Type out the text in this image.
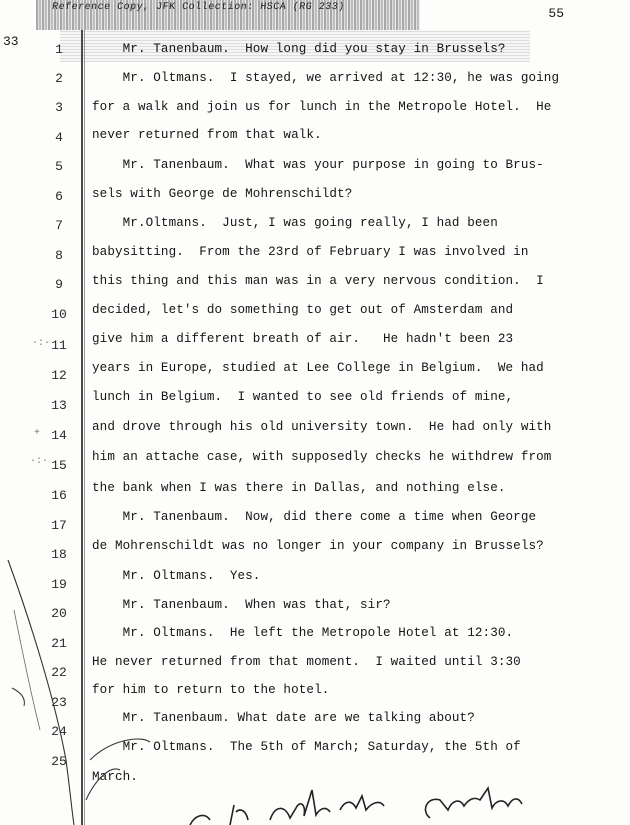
Reference Copy, JFK Collection: HSCA (RG 233)	55
33
1
2
3
4
5
6
7
8
9
10
11
12
13
14
15
16
17
18
19
20
21
22
23
24
25
Mr. Tanenbaum.  How long did you stay in Brussels?
Mr. Oltmans.  I stayed, we arrived at 12:30, he was going
for a walk and join us for lunch in the Metropole Hotel.  He
never returned from that walk.
Mr. Tanenbaum.  What was your purpose in going to Brus-
sels with George de Mohrenschildt?
Mr.Oltmans.  Just, I was going really, I had been
babysitting.  From the 23rd of February I was involved in
this thing and this man was in a very nervous condition.  I
decided, let's do something to get out of Amsterdam and
give him a different breath of air.   He hadn't been 23
years in Europe, studied at Lee College in Belgium.  We had
lunch in Belgium.  I wanted to see old friends of mine,
and drove through his old university town.  He had only with
him an attache case, with supposedly checks he withdrew from
the bank when I was there in Dallas, and nothing else.
Mr. Tanenbaum.  Now, did there come a time when George
de Mohrenschildt was no longer in your company in Brussels?
Mr. Oltmans.  Yes.
Mr. Tanenbaum.  When was that, sir?
Mr. Oltmans.  He left the Metropole Hotel at 12:30.
He never returned from that moment.  I waited until 3:30
for him to return to the hotel.
Mr. Tanenbaum. What date are we talking about?
Mr. Oltmans.  The 5th of March; Saturday, the 5th of
March.
·:·
+
·:·
